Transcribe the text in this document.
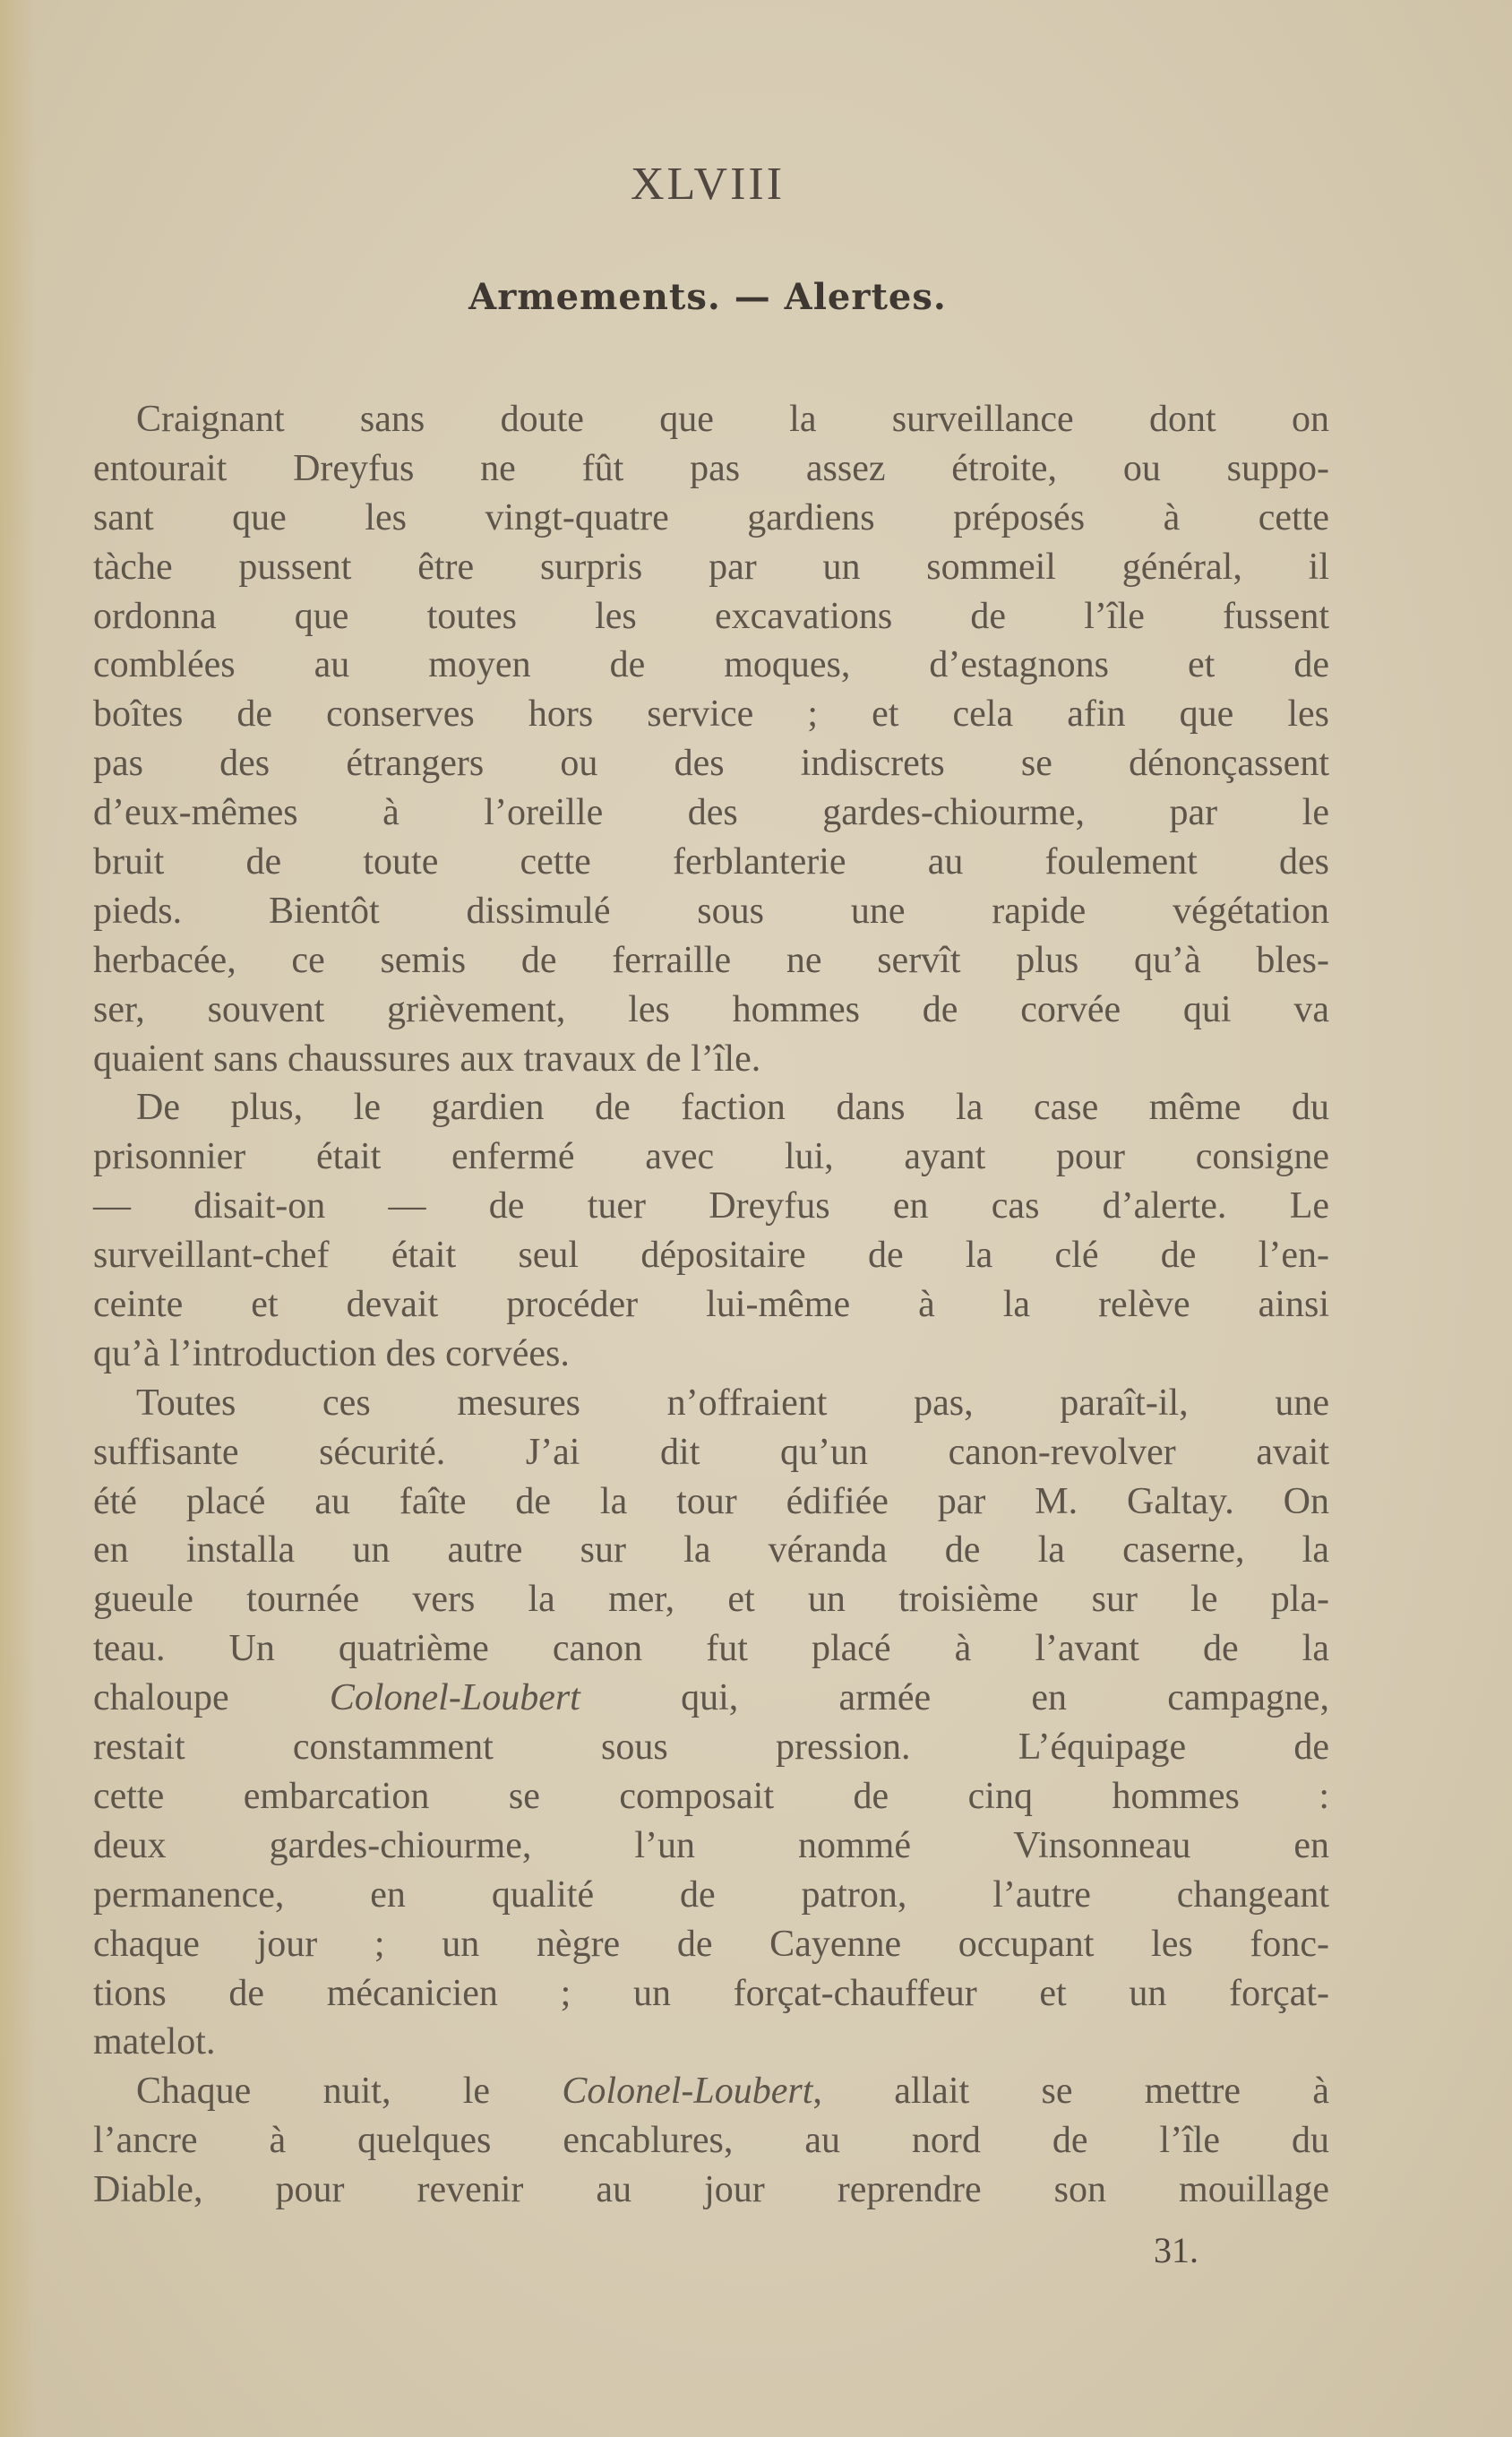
XLVIII
Armements. — Alertes.
Craignant sans doute que la surveillance dont on
entourait Dreyfus ne fût pas assez étroite, ou suppo-
sant que les vingt-quatre gardiens préposés à cette
tàche pussent être surpris par un sommeil général, il
ordonna que toutes les excavations de l’île fussent
comblées au moyen de moques, d’estagnons et de
boîtes de conserves hors service ; et cela afin que les
pas des étrangers ou des indiscrets se dénonçassent
d’eux-mêmes à l’oreille des gardes-chiourme, par le
bruit de toute cette ferblanterie au foulement des
pieds. Bientôt dissimulé sous une rapide végétation
herbacée, ce semis de ferraille ne servît plus qu’à bles-
ser, souvent grièvement, les hommes de corvée qui va
quaient sans chaussures aux travaux de l’île.
De plus, le gardien de faction dans la case même du
prisonnier était enfermé avec lui, ayant pour consigne
— disait-on — de tuer Dreyfus en cas d’alerte. Le
surveillant-chef était seul dépositaire de la clé de l’en-
ceinte et devait procéder lui-même à la relève ainsi
qu’à l’introduction des corvées.
Toutes ces mesures n’offraient pas, paraît-il, une
suffisante sécurité. J’ai dit qu’un canon-revolver avait
été placé au faîte de la tour édifiée par M. Galtay. On
en installa un autre sur la véranda de la caserne, la
gueule tournée vers la mer, et un troisième sur le pla-
teau. Un quatrième canon fut placé à l’avant de la
chaloupe Colonel-Loubert qui, armée en campagne,
restait constamment sous pression. L’équipage de
cette embarcation se composait de cinq hommes :
deux gardes-chiourme, l’un nommé Vinsonneau en
permanence, en qualité de patron, l’autre changeant
chaque jour ; un nègre de Cayenne occupant les fonc-
tions de mécanicien ; un forçat-chauffeur et un forçat-
matelot.
Chaque nuit, le Colonel-Loubert, allait se mettre à
l’ancre à quelques encablures, au nord de l’île du
Diable, pour revenir au jour reprendre son mouillage
31.
